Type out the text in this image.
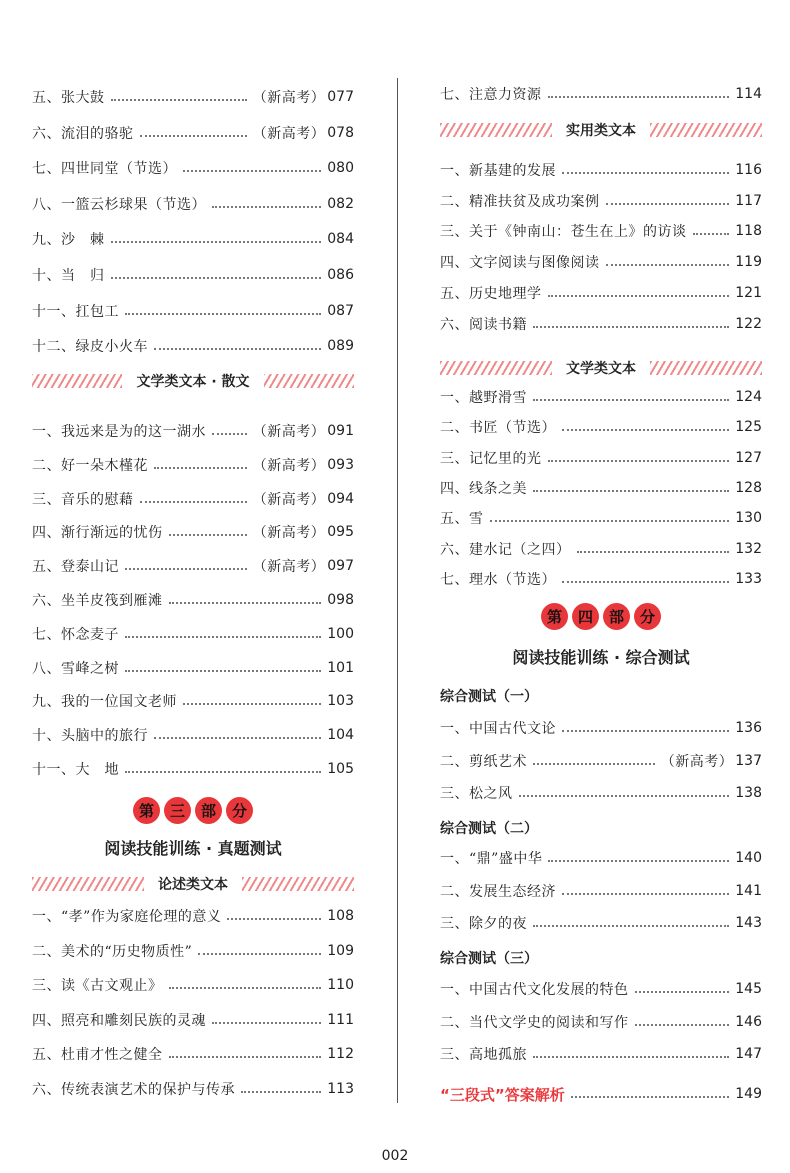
五、张大鼓	（新高考） 077
六、流泪的骆驼	（新高考） 078
七、四世同堂（节选）	080
八、一篮云杉球果（节选）	082
九、沙　棘	084
十、当　归	086
十一、扛包工	087
十二、绿皮小火车	089
文学类文本 · 散文
一、我远来是为的这一湖水	（新高考） 091
二、好一朵木槿花	（新高考） 093
三、音乐的慰藉	（新高考） 094
四、渐行渐远的忧伤	（新高考） 095
五、登泰山记	（新高考） 097
六、坐羊皮筏到雁滩	098
七、怀念麦子	100
八、雪峰之树	101
九、我的一位国文老师	103
十、头脑中的旅行	104
十一、大　地	105
第	三	部	分
阅读技能训练 · 真题测试
论述类文本
一、“孝”作为家庭伦理的意义	108
二、美术的“历史物质性”	109
三、读《古文观止》	110
四、照亮和雕刻民族的灵魂	111
五、杜甫才性之健全	112
六、传统表演艺术的保护与传承	113
七、注意力资源	114
实用类文本
一、新基建的发展	116
二、精准扶贫及成功案例	117
三、关于《钟南山：苍生在上》的访谈	118
四、文字阅读与图像阅读	119
五、历史地理学	121
六、阅读书籍	122
文学类文本
一、越野滑雪	124
二、书匠（节选）	125
三、记忆里的光	127
四、线条之美	128
五、雪	130
六、建水记（之四）	132
七、理水（节选）	133
第	四	部	分
阅读技能训练 · 综合测试
综合测试（一）
一、中国古代文论	136
二、剪纸艺术	（新高考） 137
三、松之风	138
综合测试（二）
一、“鼎”盛中华	140
二、发展生态经济	141
三、除夕的夜	143
综合测试（三）
一、中国古代文化发展的特色	145
二、当代文学史的阅读和写作	146
三、高地孤旅	147
“三段式”答案解析	149
002
